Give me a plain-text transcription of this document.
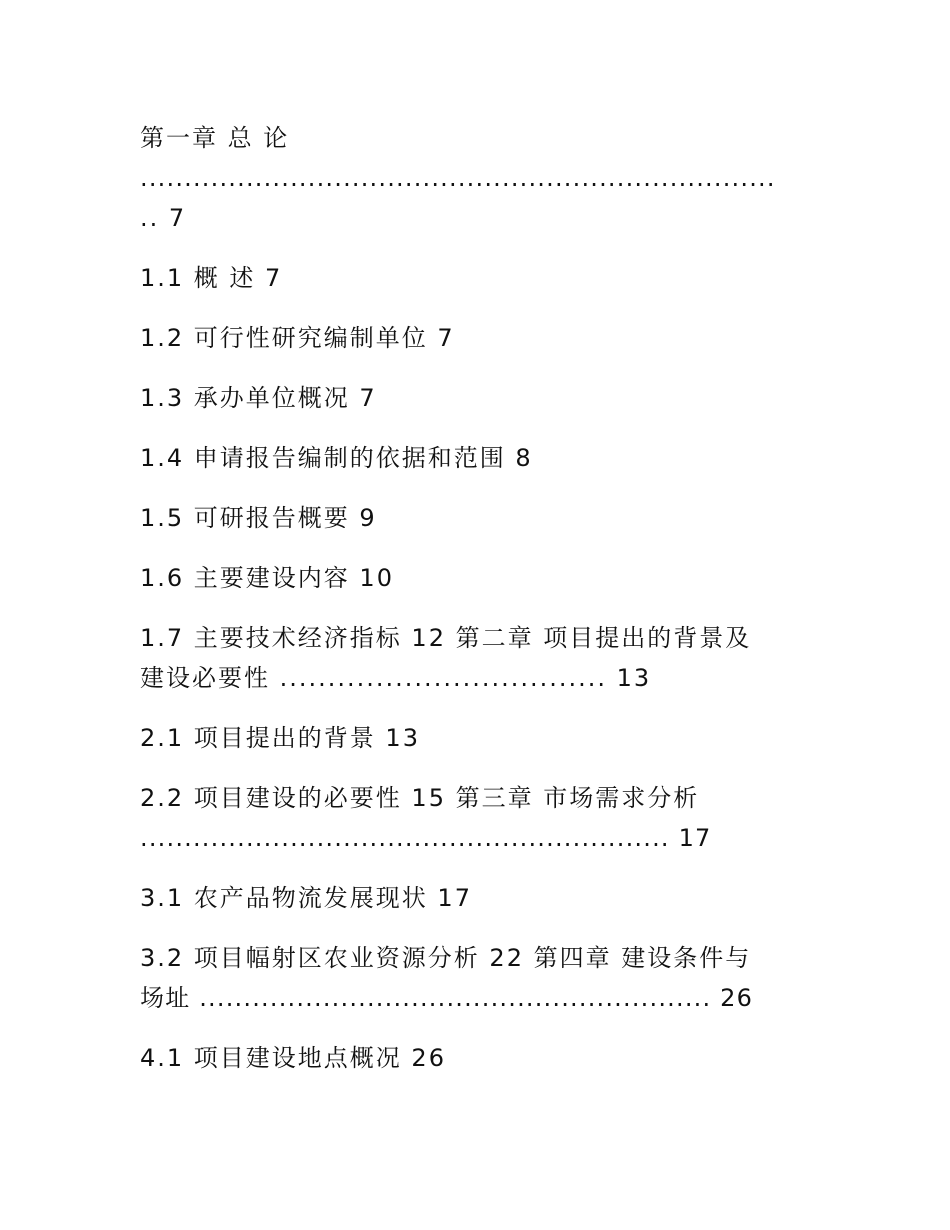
第一章 总 论
........................................................................
.. 7
1.1 概 述 7
1.2 可行性研究编制单位 7
1.3 承办单位概况 7
1.4 申请报告编制的依据和范围 8
1.5 可研报告概要 9
1.6 主要建设内容 10
1.7 主要技术经济指标 12 第二章 项目提出的背景及
建设必要性 .................................. 13
2.1 项目提出的背景 13
2.2 项目建设的必要性 15 第三章 市场需求分析
............................................................ 17
3.1 农产品物流发展现状 17
3.2 项目幅射区农业资源分析 22 第四章 建设条件与
场址 .......................................................... 26
4.1 项目建设地点概况 26
